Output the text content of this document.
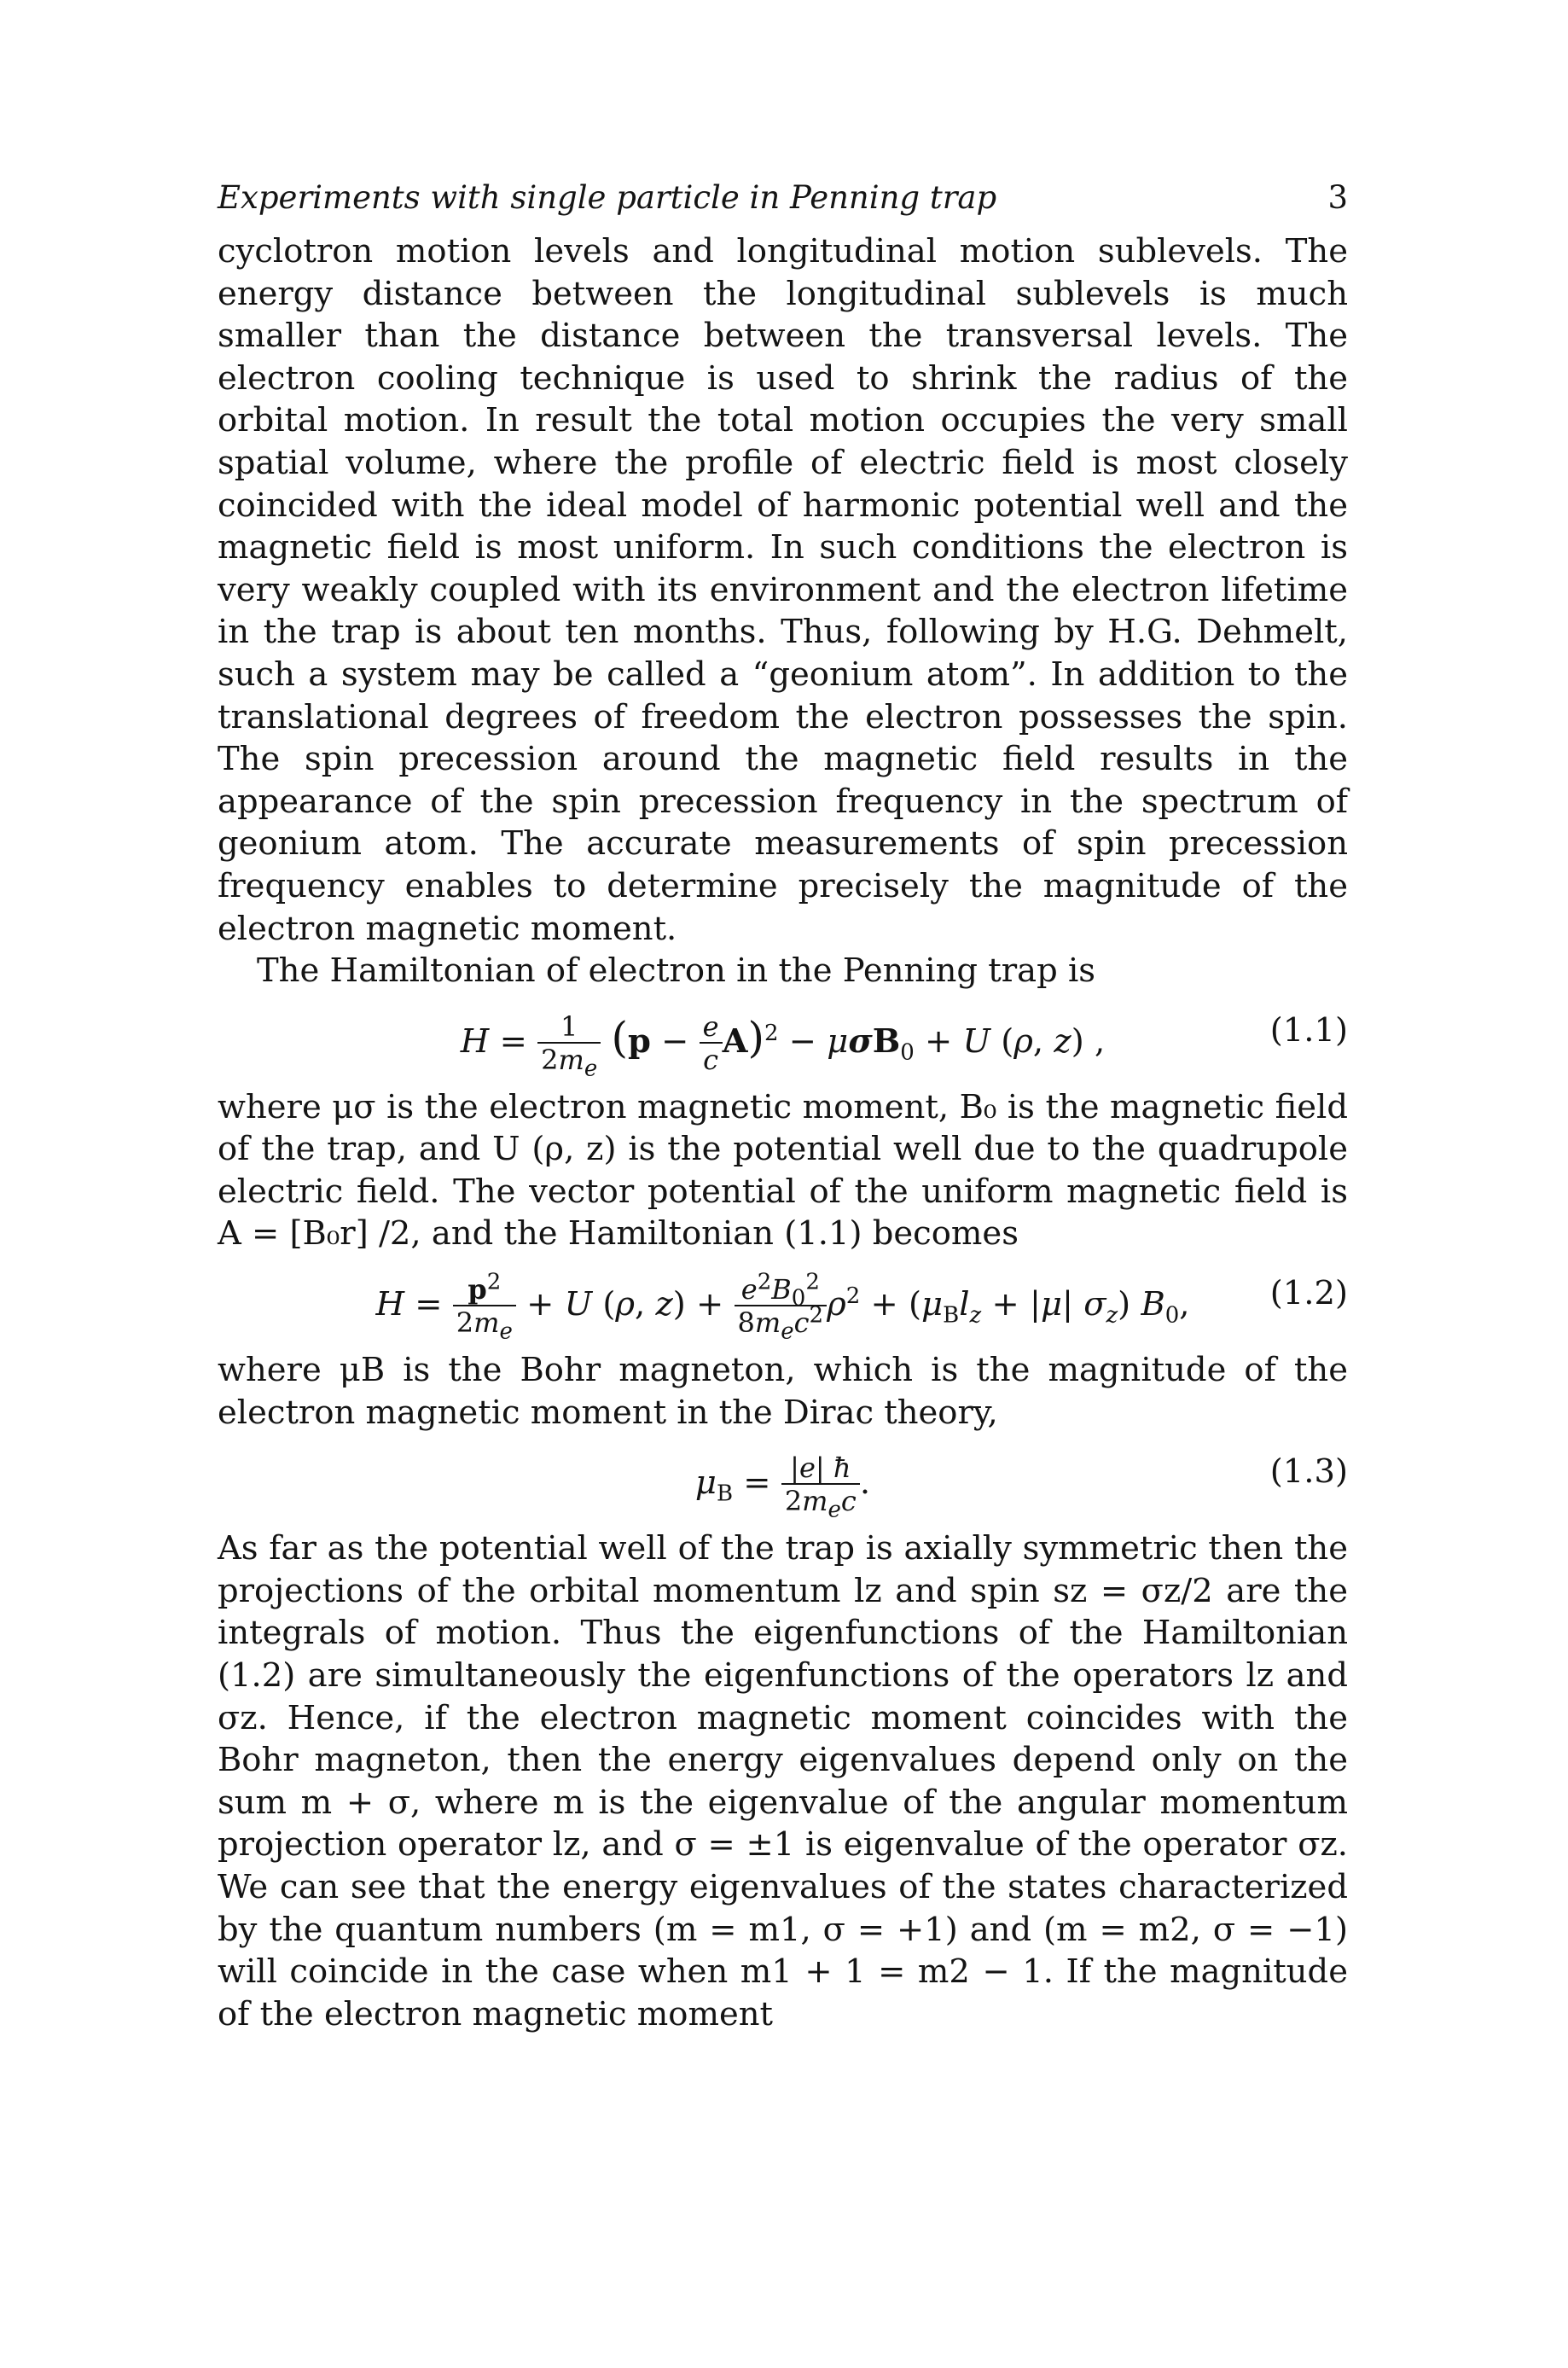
Experiments with single particle in Penning trap	3

cyclotron motion levels and longitudinal motion sublevels. The energy distance between the longitudinal sublevels is much smaller than the distance between the transversal levels. The electron cooling technique is used to shrink the radius of the orbital motion. In result the total motion occupies the very small spatial volume, where the profile of electric field is most closely coincided with the ideal model of harmonic potential well and the magnetic field is most uniform. In such conditions the electron is very weakly coupled with its environment and the electron lifetime in the trap is about ten months. Thus, following by H.G. Dehmelt, such a system may be called a “geonium atom”. In addition to the translational degrees of freedom the electron possesses the spin. The spin precession around the magnetic field results in the appearance of the spin precession frequency in the spectrum of geonium atom. The accurate measurements of spin precession frequency enables to determine precisely the magnitude of the electron magnetic moment.

The Hamiltonian of electron in the Penning trap is

$H = \frac{1}{2m_e} (p - \frac{e}{c} A)^2 - \mu\sigma B_0 + U$ (ρ, z) ,	(1.1)

where μσ is the electron magnetic moment, B₀ is the magnetic field of the trap, and U (ρ, z) is the potential well due to the quadrupole electric field. The vector potential of the uniform magnetic field is A = [B₀r] /2, and the Hamiltonian (1.1) becomes

$H = \frac{p^2}{2m_e} + U$ (ρ, $z) + \frac{e^2B_0^2}{8m_ec^2} \rho^2 + (\mu_Bl_z + |\mu|$ $\sigma_z$) $B_0$,	(1.2)

where μB is the Bohr magneton, which is the magnitude of the electron magnetic moment in the Dirac theory,

$\mu_B = \frac{|e| ħ}{2m_ec}$ .	(1.3)

As far as the potential well of the trap is axially symmetric then the projections of the orbital momentum lz and spin sz = σz/2 are the integrals of motion. Thus the eigenfunctions of the Hamiltonian (1.2) are simultaneously the eigenfunctions of the operators lz and σz. Hence, if the electron magnetic moment coincides with the Bohr magneton, then the energy eigenvalues depend only on the sum m + σ, where m is the eigenvalue of the angular momentum projection operator lz, and σ = ±1 is eigenvalue of the operator σz. We can see that the energy eigenvalues of the states characterized by the quantum numbers (m = m1, σ = +1) and (m = m2, σ = −1) will coincide in the case when m1 + 1 = m2 − 1. If the magnitude of the electron magnetic moment
